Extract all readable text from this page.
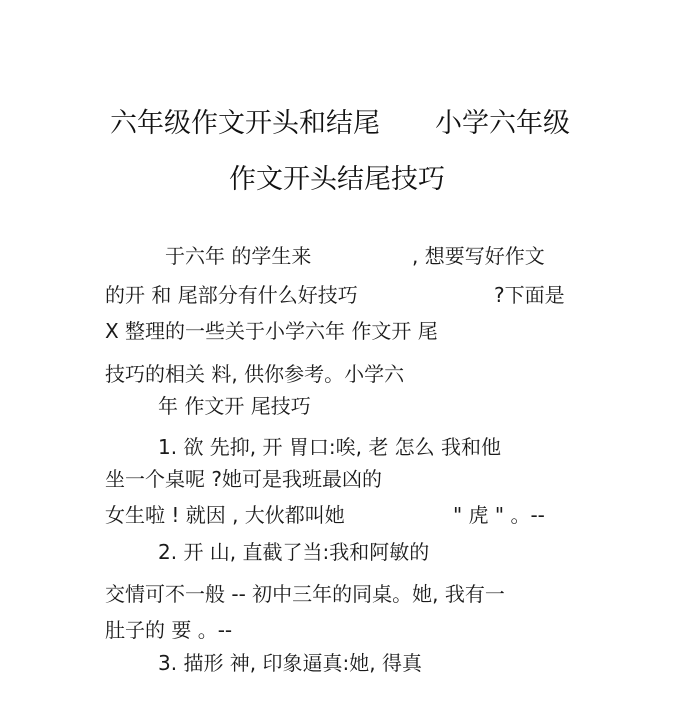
六年级作文开头和结尾 小学六年级
作文开头结尾技巧
于六年 的学生来	, 想要写好作文
的开 和 尾部分有什么好技巧	?下面是
X 整理的一些关于小学六年 作文开 尾
技巧的相关 料, 供你参考。小学六
年 作文开 尾技巧
1. 欲 先抑, 开 胃口:唉, 老 怎么 我和他
坐一个桌呢 ?她可是我班最凶的
女生啦 ! 就因 , 大伙都叫她	" 虎 " 。--
2. 开 山, 直截了当:我和阿敏的
交情可不一般 -- 初中三年的同桌。她, 我有一
肚子的 要 。--
3. 描形 神, 印象逼真:她, 得真
